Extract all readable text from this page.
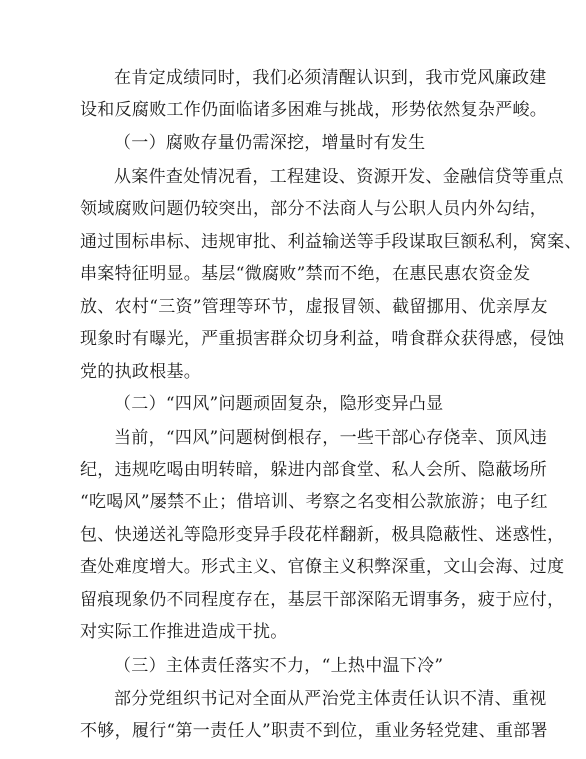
在肯定成绩同时，我们必须清醒认识到，我市党风廉政建
设和反腐败工作仍面临诸多困难与挑战，形势依然复杂严峻。
（一）腐败存量仍需深挖，增量时有发生
从案件查处情况看，工程建设、资源开发、金融信贷等重点
领域腐败问题仍较突出，部分不法商人与公职人员内外勾结，
通过围标串标、违规审批、利益输送等手段谋取巨额私利，窝案、
串案特征明显。基层“微腐败”禁而不绝，在惠民惠农资金发
放、农村“三资”管理等环节，虚报冒领、截留挪用、优亲厚友
现象时有曝光，严重损害群众切身利益，啃食群众获得感，侵蚀
党的执政根基。
（二）“四风”问题顽固复杂，隐形变异凸显
当前，“四风”问题树倒根存，一些干部心存侥幸、顶风违
纪，违规吃喝由明转暗，躲进内部食堂、私人会所、隐蔽场所
“吃喝风”屡禁不止；借培训、考察之名变相公款旅游；电子红
包、快递送礼等隐形变异手段花样翻新，极具隐蔽性、迷惑性，
查处难度增大。形式主义、官僚主义积弊深重，文山会海、过度
留痕现象仍不同程度存在，基层干部深陷无谓事务，疲于应付，
对实际工作推进造成干扰。
（三）主体责任落实不力，“上热中温下冷”
部分党组织书记对全面从严治党主体责任认识不清、重视
不够，履行“第一责任人”职责不到位，重业务轻党建、重部署
